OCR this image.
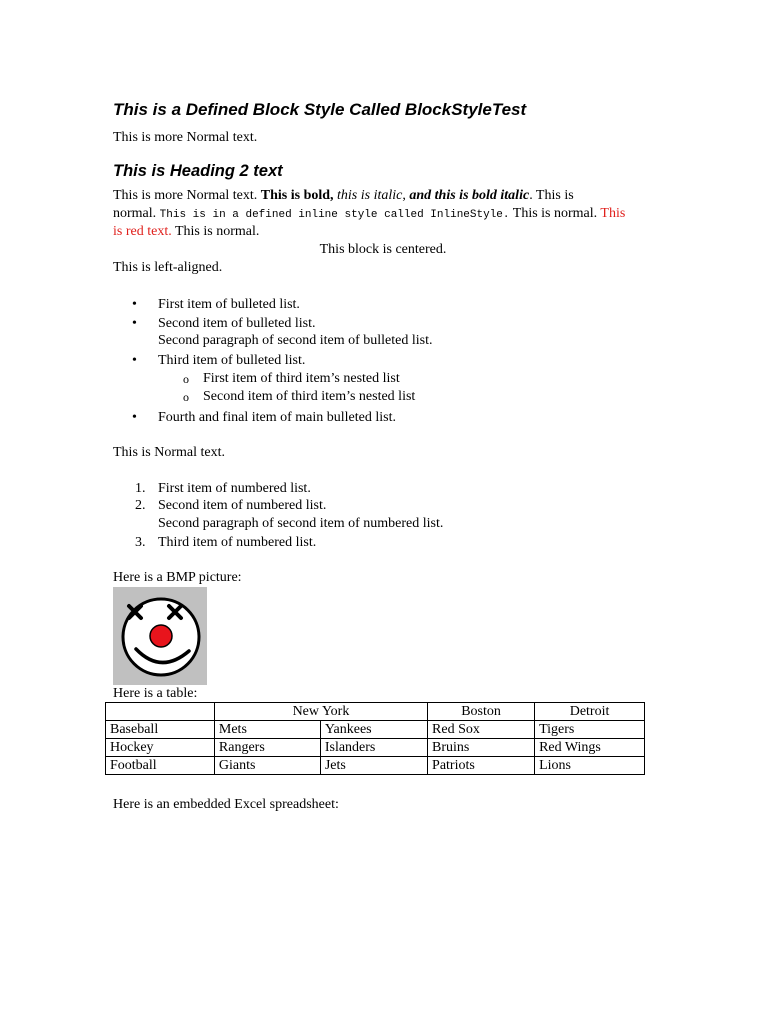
This is a Defined Block Style Called BlockStyleTest
This is more Normal text.
This is Heading 2 text
This is more Normal text. This is bold, this is italic, and this is bold italic. This is
normal. This is in a defined inline style called InlineStyle. This is normal. This
is red text. This is normal.
This block is centered.
This is left-aligned.
• First item of bulleted list.
• Second item of bulleted list.
Second paragraph of second item of bulleted list.
• Third item of bulleted list.
o First item of third item’s nested list
o Second item of third item’s nested list
• Fourth and final item of main bulleted list.
This is Normal text.
1. First item of numbered list.
2. Second item of numbered list.
Second paragraph of second item of numbered list.
3. Third item of numbered list.
Here is a BMP picture:
Here is a table:
	New York		Boston	Detroit
Baseball	Mets	Yankees	Red Sox	Tigers
Hockey	Rangers	Islanders	Bruins	Red Wings
Football	Giants	Jets	Patriots	Lions
Here is an embedded Excel spreadsheet:
